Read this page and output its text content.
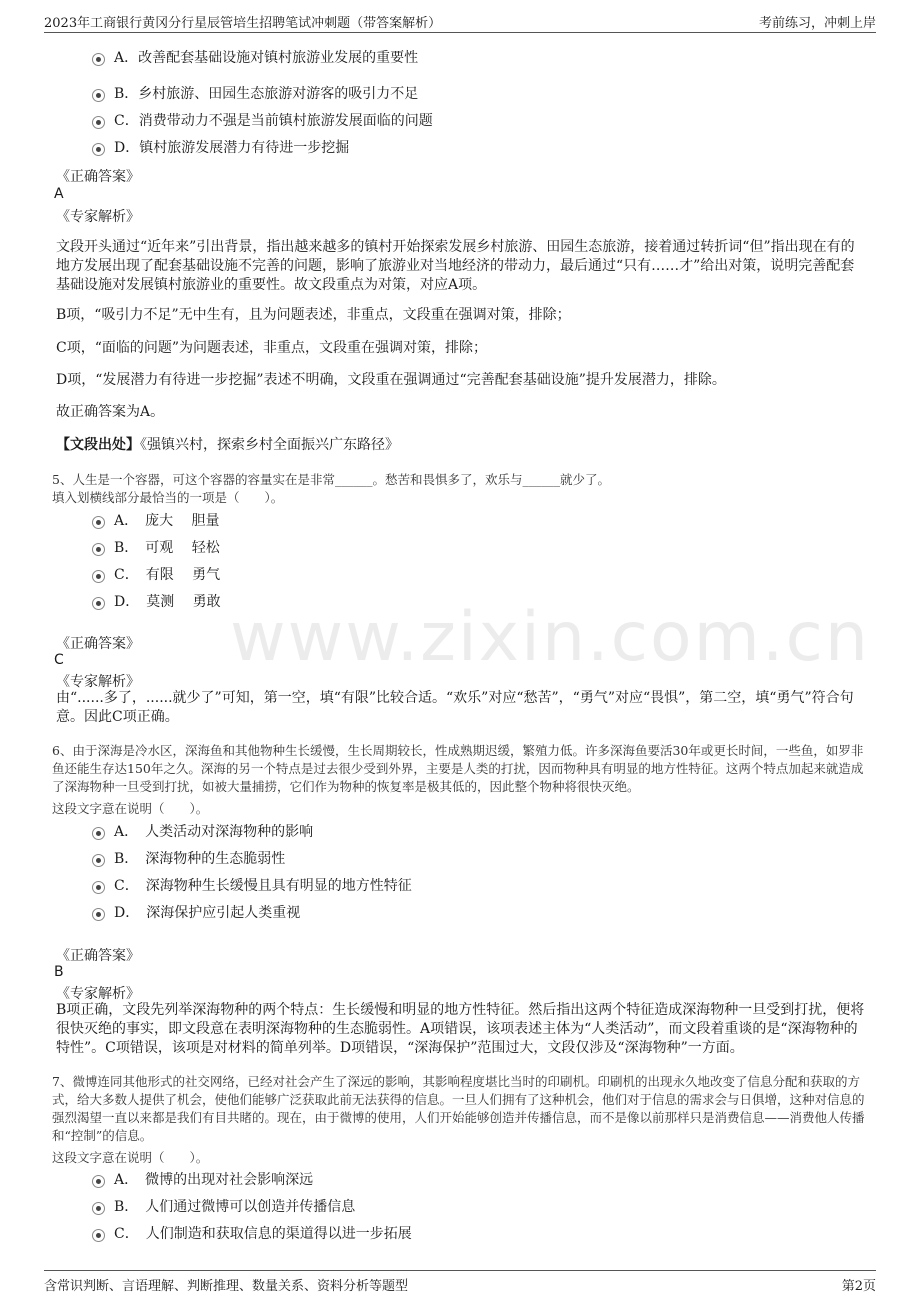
2023年工商银行黄冈分行星辰管培生招聘笔试冲刺题（带答案解析）	考前练习，冲刺上岸
www.zixin.com.cn
A．改善配套基础设施对镇村旅游业发展的重要性
B．乡村旅游、田园生态旅游对游客的吸引力不足
C．消费带动力不强是当前镇村旅游发展面临的问题
D．镇村旅游发展潜力有待进一步挖掘
《正确答案》
A
《专家解析》
文段开头通过“近年来”引出背景，指出越来越多的镇村开始探索发展乡村旅游、田园生态旅游，接着通过转折词“但”指出现在有的地方发展出现了配套基础设施不完善的问题，影响了旅游业对当地经济的带动力，最后通过“只有……才”给出对策，说明完善配套基础设施对发展镇村旅游业的重要性。故文段重点为对策，对应A项。
B项，“吸引力不足”无中生有，且为问题表述，非重点，文段重在强调对策，排除；
C项，“面临的问题”为问题表述，非重点，文段重在强调对策，排除；
D项，“发展潜力有待进一步挖掘”表述不明确，文段重在强调通过“完善配套基础设施”提升发展潜力，排除。
故正确答案为A。
【文段出处】《强镇兴村，探索乡村全面振兴广东路径》
5、人生是一个容器，可这个容器的容量实在是非常______。愁苦和畏惧多了，欢乐与______就少了。
填入划横线部分最恰当的一项是（　　）。
A．　庞大　 胆量
B．　可观　 轻松
C．　有限　 勇气
D．　莫测　 勇敢
《正确答案》
C
《专家解析》
由“......多了，......就少了”可知，第一空，填“有限”比较合适。“欢乐”对应“愁苦”，“勇气”对应“畏惧”，第二空，填“勇气”符合句意。因此C项正确。
6、由于深海是冷水区，深海鱼和其他物种生长缓慢，生长周期较长，性成熟期迟缓，繁殖力低。许多深海鱼要活30年或更长时间，一些鱼，如罗非鱼还能生存达150年之久。深海的另一个特点是过去很少受到外界，主要是人类的打扰，因而物种具有明显的地方性特征。这两个特点加起来就造成了深海物种一旦受到打扰，如被大量捕捞，它们作为物种的恢复率是极其低的，因此整个物种将很快灭绝。
这段文字意在说明（　　）。
A．　人类活动对深海物种的影响
B．　深海物种的生态脆弱性
C．　深海物种生长缓慢且具有明显的地方性特征
D．　深海保护应引起人类重视
《正确答案》
B
《专家解析》
B项正确，文段先列举深海物种的两个特点：生长缓慢和明显的地方性特征。然后指出这两个特征造成深海物种一旦受到打扰，便将很快灭绝的事实，即文段意在表明深海物种的生态脆弱性。A项错误，该项表述主体为“人类活动”，而文段着重谈的是“深海物种的特性”。C项错误，该项是对材料的简单列举。D项错误，“深海保护”范围过大，文段仅涉及“深海物种”一方面。
7、微博连同其他形式的社交网络，已经对社会产生了深远的影响，其影响程度堪比当时的印刷机。印刷机的出现永久地改变了信息分配和获取的方式，给大多数人提供了机会，使他们能够广泛获取此前无法获得的信息。一旦人们拥有了这种机会，他们对于信息的需求会与日俱增，这种对信息的强烈渴望一直以来都是我们有目共睹的。现在，由于微博的使用，人们开始能够创造并传播信息，而不是像以前那样只是消费信息——消费他人传播和“控制”的信息。
这段文字意在说明（　　）。
A．　微博的出现对社会影响深远
B．　人们通过微博可以创造并传播信息
C．　人们制造和获取信息的渠道得以进一步拓展
含常识判断、言语理解、判断推理、数量关系、资料分析等题型	第2页
